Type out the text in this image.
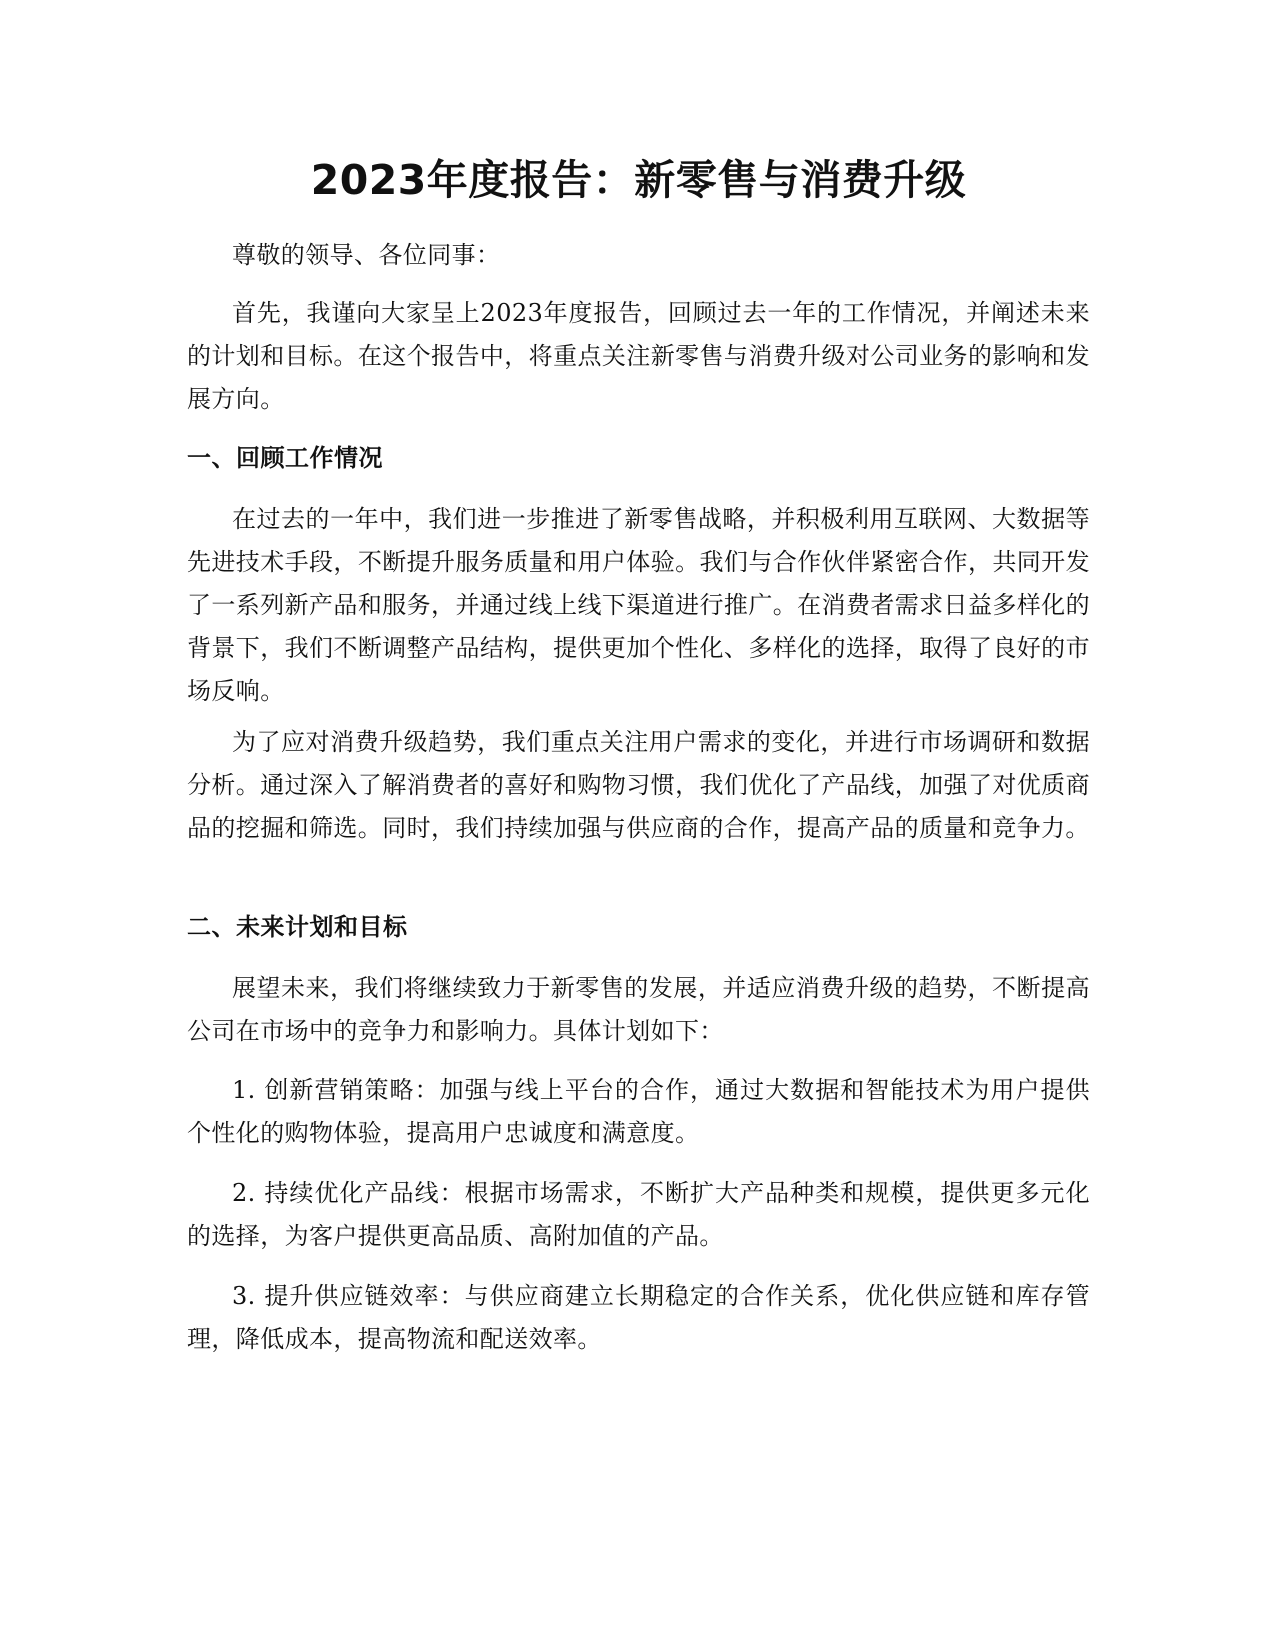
2023年度报告：新零售与消费升级

尊敬的领导、各位同事：

首先，我谨向大家呈上2023年度报告，回顾过去一年的工作情况，并阐述未来的计划和目标。在这个报告中，将重点关注新零售与消费升级对公司业务的影响和发展方向。

一、回顾工作情况

在过去的一年中，我们进一步推进了新零售战略，并积极利用互联网、大数据等先进技术手段，不断提升服务质量和用户体验。我们与合作伙伴紧密合作，共同开发了一系列新产品和服务，并通过线上线下渠道进行推广。在消费者需求日益多样化的背景下，我们不断调整产品结构，提供更加个性化、多样化的选择，取得了良好的市场反响。

为了应对消费升级趋势，我们重点关注用户需求的变化，并进行市场调研和数据分析。通过深入了解消费者的喜好和购物习惯，我们优化了产品线，加强了对优质商品的挖掘和筛选。同时，我们持续加强与供应商的合作，提高产品的质量和竞争力。

二、未来计划和目标

展望未来，我们将继续致力于新零售的发展，并适应消费升级的趋势，不断提高公司在市场中的竞争力和影响力。具体计划如下：

1. 创新营销策略：加强与线上平台的合作，通过大数据和智能技术为用户提供个性化的购物体验，提高用户忠诚度和满意度。

2. 持续优化产品线：根据市场需求，不断扩大产品种类和规模，提供更多元化的选择，为客户提供更高品质、高附加值的产品。

3. 提升供应链效率：与供应商建立长期稳定的合作关系，优化供应链和库存管理，降低成本，提高物流和配送效率。
